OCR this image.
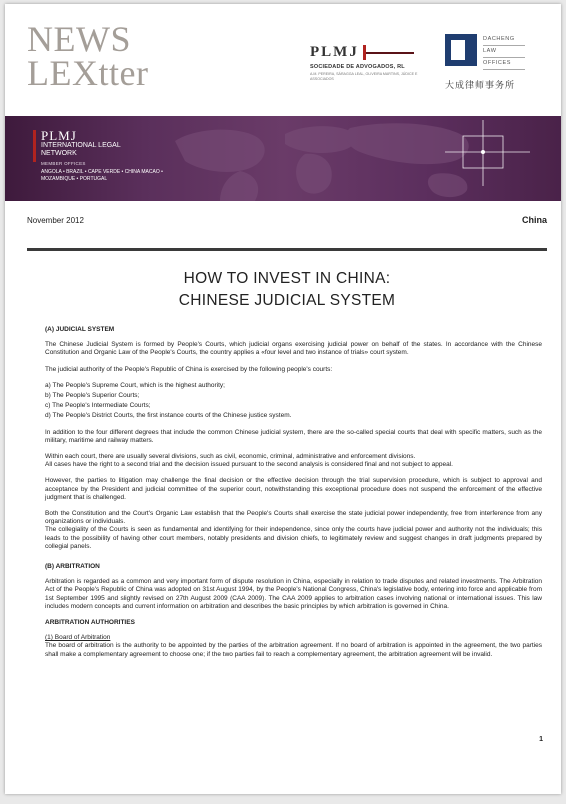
NEWS
LEXtter
PLMJ
SOCIEDADE DE ADVOGADOS, RL
A.M. PEREIRA, SÁRAGGA LEAL, OLIVEIRA MARTINS, JÚDICE E ASSOCIADOS
DACHENG
LAW
OFFICES
大成律师事务所
PLMJ
INTERNATIONAL LEGAL NETWORK
MEMBER OFFICES
ANGOLA • BRAZIL • CAPE VERDE • CHINA MACAO • MOZAMBIQUE • PORTUGAL
November 2012	China
HOW TO INVEST IN CHINA:
CHINESE JUDICIAL SYSTEM
(A) JUDICIAL SYSTEM

The Chinese Judicial System is formed by People's Courts, which judicial organs exercising judicial power on behalf of the states. In accordance with the Chinese Constitution and Organic Law of the People's Courts, the country applies a «four level and two instance of trials» court system.

The judicial authority of the People's Republic of China is exercised by the following people's courts:

a) The People's Supreme Court, which is the highest authority;
b) The People's Superior Courts;
c) The People's Intermediate Courts;
d) The People's District Courts, the first instance courts of the Chinese justice system.

In addition to the four different degrees that include the common Chinese judicial system, there are the so-called special courts that deal with specific matters, such as the military, maritime and railway matters.

Within each court, there are usually several divisions, such as civil, economic, criminal, administrative and enforcement divisions.
All cases have the right to a second trial and the decision issued pursuant to the second analysis is considered final and not subject to appeal.

However, the parties to litigation may challenge the final decision or the effective decision through the trial supervision procedure, which is subject to approval and acceptance by the President and judicial committee of the superior court, notwithstanding this exceptional procedure does not suspend the enforcement of the effective judgment that is challenged.

Both the Constitution and the Court's Organic Law establish that the People's Courts shall exercise the state judicial power independently, free from interference from any organizations or individuals.
The collegiality of the Courts is seen as fundamental and identifying for their independence, since only the courts have judicial power and authority not the individuals; this leads to the possibility of having other court members, notably presidents and division chiefs, to legitimately review and suggest changes in draft judgments prepared by collegial panels.

(B) ARBITRATION

Arbitration is regarded as a common and very important form of dispute resolution in China, especially in relation to trade disputes and related investments. The Arbitration Act of the People's Republic of China was adopted on 31st August 1994, by the People's National Congress, China's legislative body, entering into force and applicable from 1st September 1995 and slightly revised on 27th August 2009 (CAA 2009). The CAA 2009 applies to arbitration cases involving national or international issues. This law includes modern concepts and current information on arbitration and describes the basic principles by which arbitration is governed in China.

ARBITRATION AUTHORITIES
(1) Board of Arbitration

The board of arbitration is the authority to be appointed by the parties of the arbitration agreement. If no board of arbitration is appointed in the agreement, the two parties shall make a complementary agreement to choose one; if the two parties fail to reach a complementary agreement, the arbitration agreement will be invalid.

1
